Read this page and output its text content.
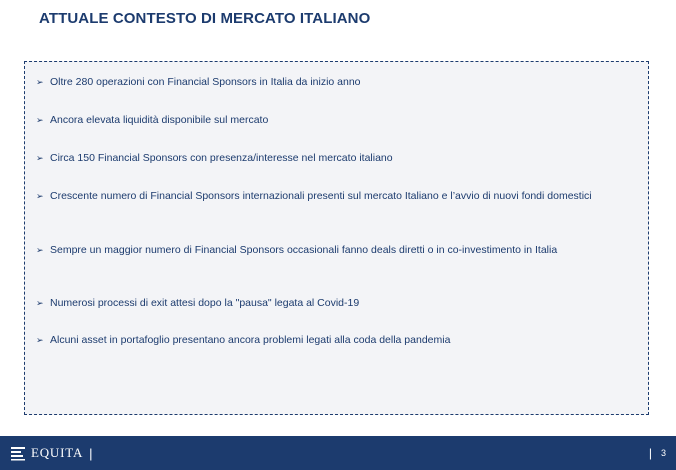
ATTUALE CONTESTO DI MERCATO ITALIANO
➢ Oltre 280 operazioni con Financial Sponsors in Italia da inizio anno
➢ Ancora elevata liquidità disponibile sul mercato
➢ Circa 150 Financial Sponsors con presenza/interesse nel mercato italiano
➢ Crescente numero di Financial Sponsors internazionali presenti sul mercato Italiano e l’avvio di nuovi fondi domestici
➢ Sempre un maggior numero di Financial Sponsors occasionali fanno deals diretti o in co-investimento in Italia
➢ Numerosi processi di exit attesi dopo la "pausa" legata al Covid-19
➢ Alcuni asset in portafoglio presentano ancora problemi legati alla coda della pandemia
EQUITA |	| 3
